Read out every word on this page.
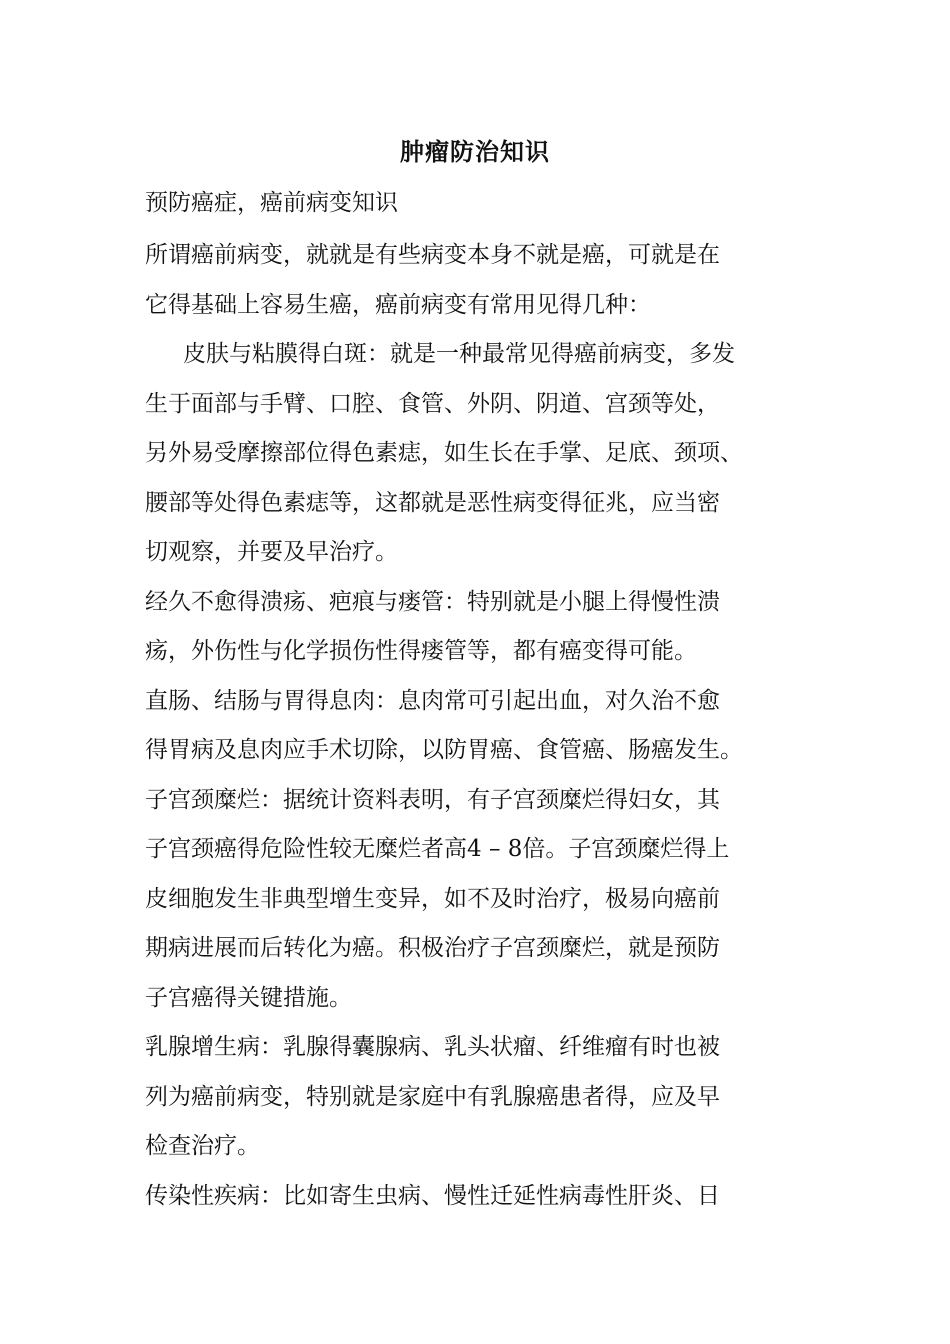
肿瘤防治知识
预防癌症，癌前病变知识
所谓癌前病变，就就是有些病变本身不就是癌，可就是在
它得基础上容易生癌，癌前病变有常用见得几种：
皮肤与粘膜得白斑：就是一种最常见得癌前病变，多发
生于面部与手臂、口腔、食管、外阴、阴道、宫颈等处，
另外易受摩擦部位得色素痣，如生长在手掌、足底、颈项、
腰部等处得色素痣等，这都就是恶性病变得征兆，应当密
切观察，并要及早治疗。
经久不愈得溃疡、疤痕与瘘管：特别就是小腿上得慢性溃
疡，外伤性与化学损伤性得瘘管等，都有癌变得可能。
直肠、结肠与胃得息肉：息肉常可引起出血，对久治不愈
得胃病及息肉应手术切除，以防胃癌、食管癌、肠癌发生。
子宫颈糜烂：据统计资料表明，有子宫颈糜烂得妇女，其
子宫颈癌得危险性较无糜烂者高4 – 8倍。子宫颈糜烂得上
皮细胞发生非典型增生变异，如不及时治疗，极易向癌前
期病进展而后转化为癌。积极治疗子宫颈糜烂，就是预防
子宫癌得关键措施。
乳腺增生病：乳腺得囊腺病、乳头状瘤、纤维瘤有时也被
列为癌前病变，特别就是家庭中有乳腺癌患者得，应及早
检查治疗。
传染性疾病：比如寄生虫病、慢性迁延性病毒性肝炎、日
